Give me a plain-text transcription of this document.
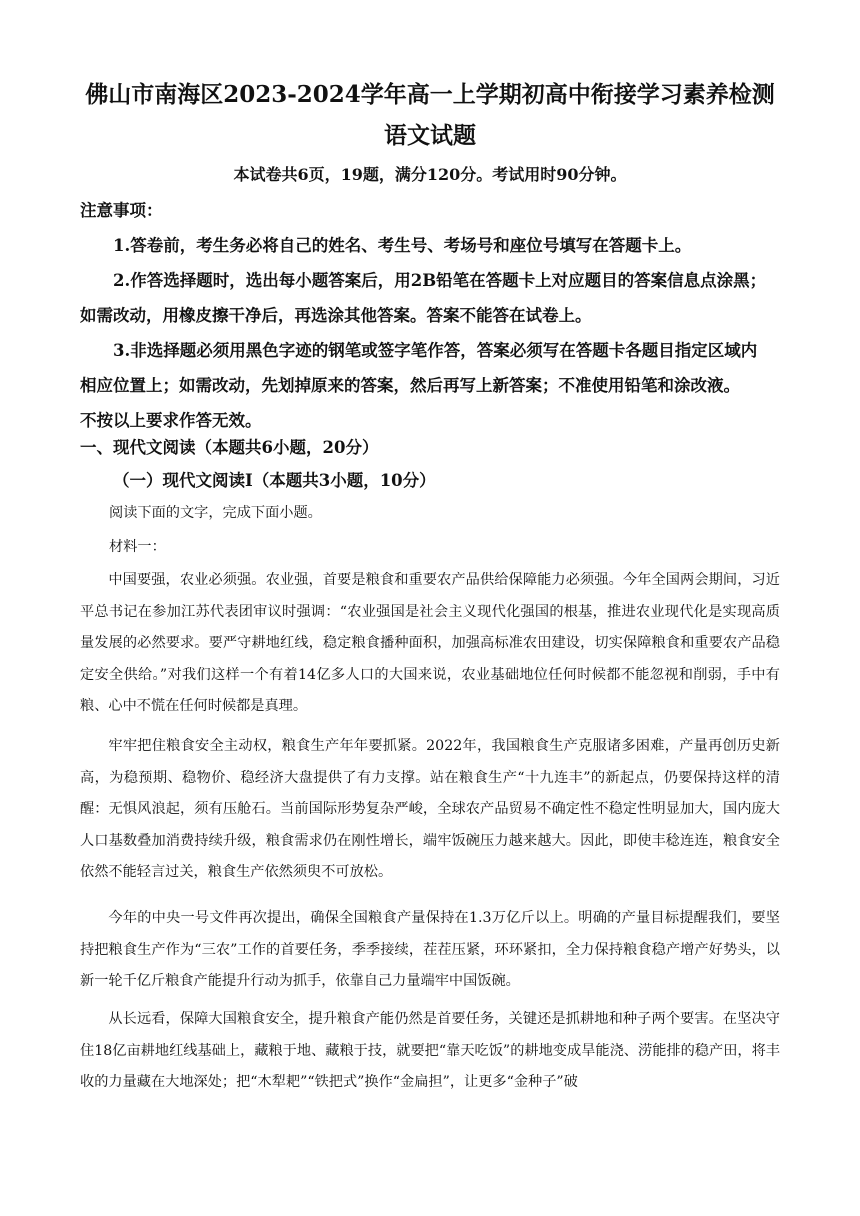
佛山市南海区2023-2024学年高一上学期初高中衔接学习素养检测
语文试题
本试卷共6页，19题，满分120分。考试用时90分钟。
注意事项：
1.答卷前，考生务必将自己的姓名、考生号、考场号和座位号填写在答题卡上。
2.作答选择题时，选出每小题答案后，用2B铅笔在答题卡上对应题目的答案信息点涂黑；
如需改动，用橡皮擦干净后，再选涂其他答案。答案不能答在试卷上。
3.非选择题必须用黑色字迹的钢笔或签字笔作答，答案必须写在答题卡各题目指定区域内
相应位置上；如需改动，先划掉原来的答案，然后再写上新答案；不准使用铅笔和涂改液。
不按以上要求作答无效。
一、现代文阅读（本题共6小题，20分）
（一）现代文阅读Ⅰ（本题共3小题，10分）
阅读下面的文字，完成下面小题。
材料一：

中国要强，农业必须强。农业强，首要是粮食和重要农产品供给保障能力必须强。今年全国两会期间，习近平总书记在参加江苏代表团审议时强调：“农业强国是社会主义现代化强国的根基，推进农业现代化是实现高质量发展的必然要求。要严守耕地红线，稳定粮食播种面积，加强高标准农田建设，切实保障粮食和重要农产品稳定安全供给。”对我们这样一个有着14亿多人口的大国来说，农业基础地位任何时候都不能忽视和削弱，手中有粮、心中不慌在任何时候都是真理。

牢牢把住粮食安全主动权，粮食生产年年要抓紧。2022年，我国粮食生产克服诸多困难，产量再创历史新高，为稳预期、稳物价、稳经济大盘提供了有力支撑。站在粮食生产“十九连丰”的新起点，仍要保持这样的清醒：无惧风浪起，须有压舱石。当前国际形势复杂严峻，全球农产品贸易不确定性不稳定性明显加大，国内庞大人口基数叠加消费持续升级，粮食需求仍在刚性增长，端牢饭碗压力越来越大。因此，即使丰稔连连，粮食安全依然不能轻言过关，粮食生产依然须臾不可放松。

今年的中央一号文件再次提出，确保全国粮食产量保持在1.3万亿斤以上。明确的产量目标提醒我们，要坚持把粮食生产作为“三农”工作的首要任务，季季接续，茬茬压紧，环环紧扣，全力保持粮食稳产增产好势头，以新一轮千亿斤粮食产能提升行动为抓手，依靠自己力量端牢中国饭碗。

从长远看，保障大国粮食安全，提升粮食产能仍然是首要任务，关键还是抓耕地和种子两个要害。在坚决守住18亿亩耕地红线基础上，藏粮于地、藏粮于技，就要把“靠天吃饭”的耕地变成旱能浇、涝能排的稳产田，将丰收的力量藏在大地深处；把“木犁耙”“铁把式”换作“金扁担”，让更多“金种子”破
